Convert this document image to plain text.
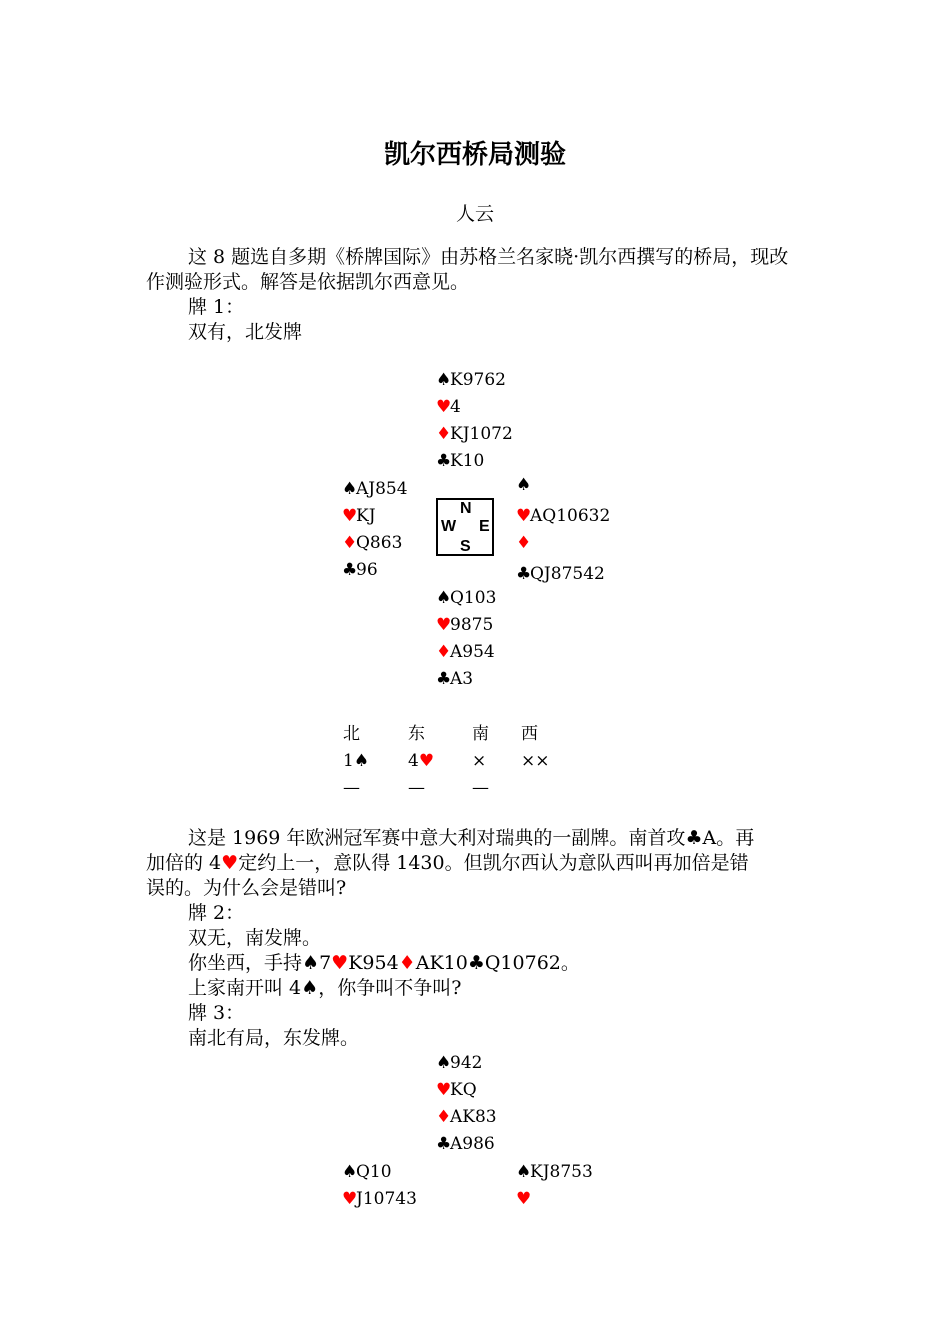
凯尔西桥局测验
人云
这 8 题选自多期《桥牌国际》由苏格兰名家晓·凯尔西撰写的桥局，现改作测验形式。解答是依据凯尔西意见。
牌 1：
双有，北发牌
♠K9762
♥4
♦KJ1072
♣K10
♠AJ854
♥KJ
♦Q863
♣96
N
W E
S
♠
♥AQ10632
♦
♣QJ87542
♠Q103
♥9875
♦A954
♣A3
北	东	南 西
1♠ 4♥ × ××
—	—	—
这是 1969 年欧洲冠军赛中意大利对瑞典的一副牌。南首攻♣A。再
加倍的 4♥定约上一，意队得 1430。但凯尔西认为意队西叫再加倍是错
误的。为什么会是错叫?
牌 2：
双无，南发牌。
你坐西，手持♠7♥K954♦AK10♣Q10762。
上家南开叫 4♠，你争叫不争叫?
牌 3：
南北有局，东发牌。
♠942
♥KQ
♦AK83
♣A986
♠Q10
♥J10743
♠KJ8753
♥
